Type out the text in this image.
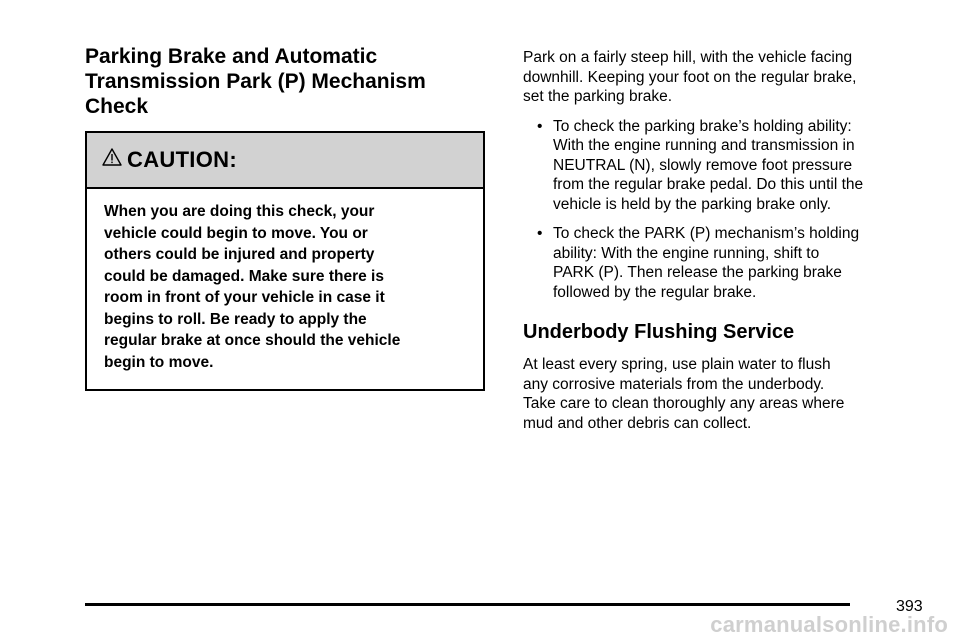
Parking Brake and Automatic
Transmission Park (P) Mechanism
Check
CAUTION:
When you are doing this check, your
vehicle could begin to move. You or
others could be injured and property
could be damaged. Make sure there is
room in front of your vehicle in case it
begins to roll. Be ready to apply the
regular brake at once should the vehicle
begin to move.

Park on a fairly steep hill, with the vehicle facing
downhill. Keeping your foot on the regular brake,
set the parking brake.

• To check the parking brake’s holding ability:
With the engine running and transmission in
NEUTRAL (N), slowly remove foot pressure
from the regular brake pedal. Do this until the
vehicle is held by the parking brake only.
• To check the PARK (P) mechanism’s holding
ability: With the engine running, shift to
PARK (P). Then release the parking brake
followed by the regular brake.
Underbody Flushing Service

At least every spring, use plain water to flush
any corrosive materials from the underbody.
Take care to clean thoroughly any areas where
mud and other debris can collect.

393
carmanualsonline.info
